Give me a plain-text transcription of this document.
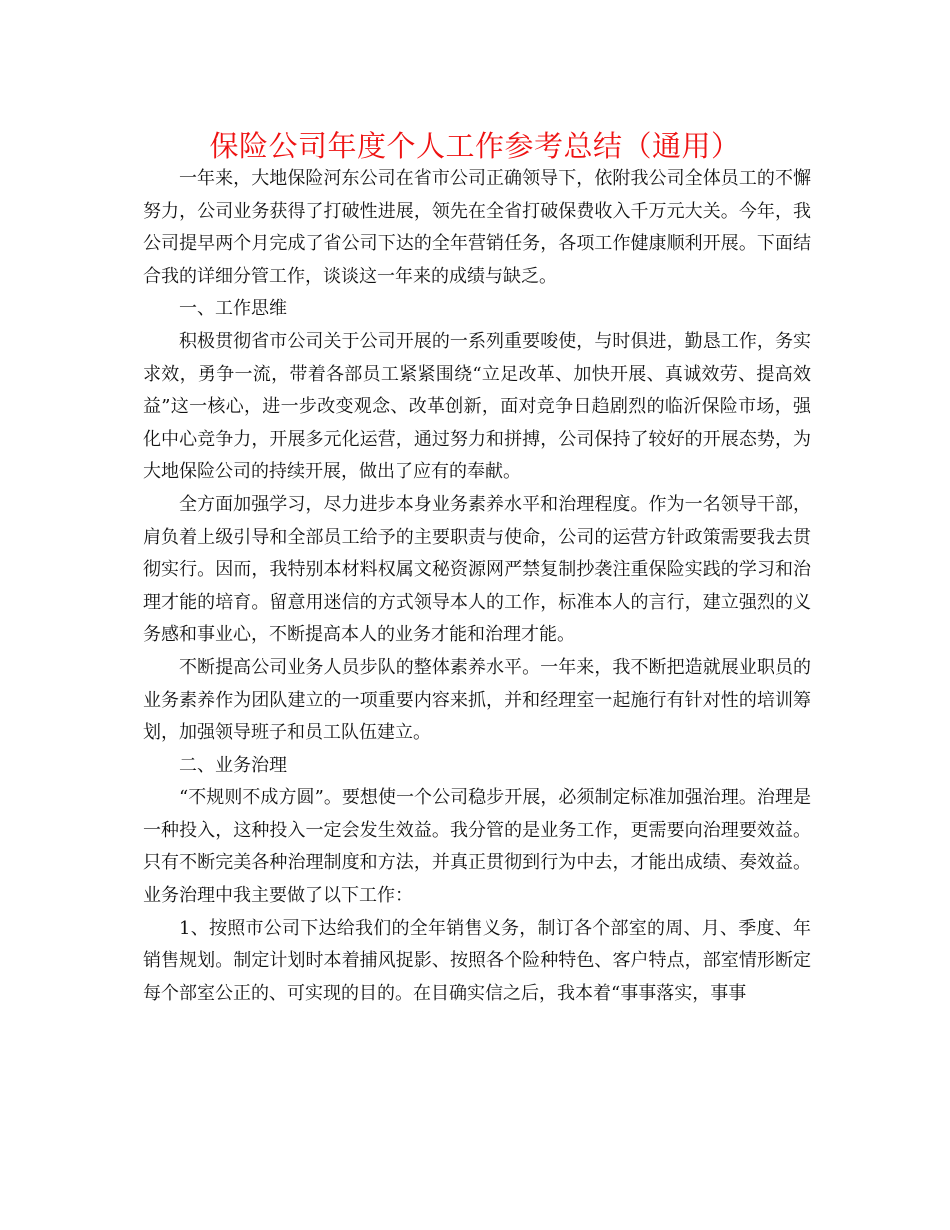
保险公司年度个人工作参考总结（通用）

一年来，大地保险河东公司在省市公司正确领导下，依附我公司全体员工的不懈努力，公司业务获得了打破性进展，领先在全省打破保费收入千万元大关。今年，我公司提早两个月完成了省公司下达的全年营销任务，各项工作健康顺利开展。下面结合我的详细分管工作，谈谈这一年来的成绩与缺乏。

一、工作思维

积极贯彻省市公司关于公司开展的一系列重要唆使，与时俱进，勤恳工作，务实求效，勇争一流，带着各部员工紧紧围绕“立足改革、加快开展、真诚效劳、提高效益”这一核心，进一步改变观念、改革创新，面对竞争日趋剧烈的临沂保险市场，强化中心竞争力，开展多元化运营，通过努力和拼搏，公司保持了较好的开展态势，为大地保险公司的持续开展，做出了应有的奉献。

全方面加强学习，尽力进步本身业务素养水平和治理程度。作为一名领导干部，肩负着上级引导和全部员工给予的主要职责与使命，公司的运营方针政策需要我去贯彻实行。因而，我特别本材料权属文秘资源网严禁复制抄袭注重保险实践的学习和治理才能的培育。留意用迷信的方式领导本人的工作，标准本人的言行，建立强烈的义务感和事业心，不断提高本人的业务才能和治理才能。

不断提高公司业务人员步队的整体素养水平。一年来，我不断把造就展业职员的业务素养作为团队建立的一项重要内容来抓，并和经理室一起施行有针对性的培训筹划，加强领导班子和员工队伍建立。

二、业务治理

“不规则不成方圆”。要想使一个公司稳步开展，必须制定标准加强治理。治理是一种投入，这种投入一定会发生效益。我分管的是业务工作，更需要向治理要效益。只有不断完美各种治理制度和方法，并真正贯彻到行为中去，才能出成绩、奏效益。业务治理中我主要做了以下工作：

1、按照市公司下达给我们的全年销售义务，制订各个部室的周、月、季度、年销售规划。制定计划时本着捕风捉影、按照各个险种特色、客户特点，部室情形断定每个部室公正的、可实现的目的。在目确实信之后，我本着“事事落实，事事
